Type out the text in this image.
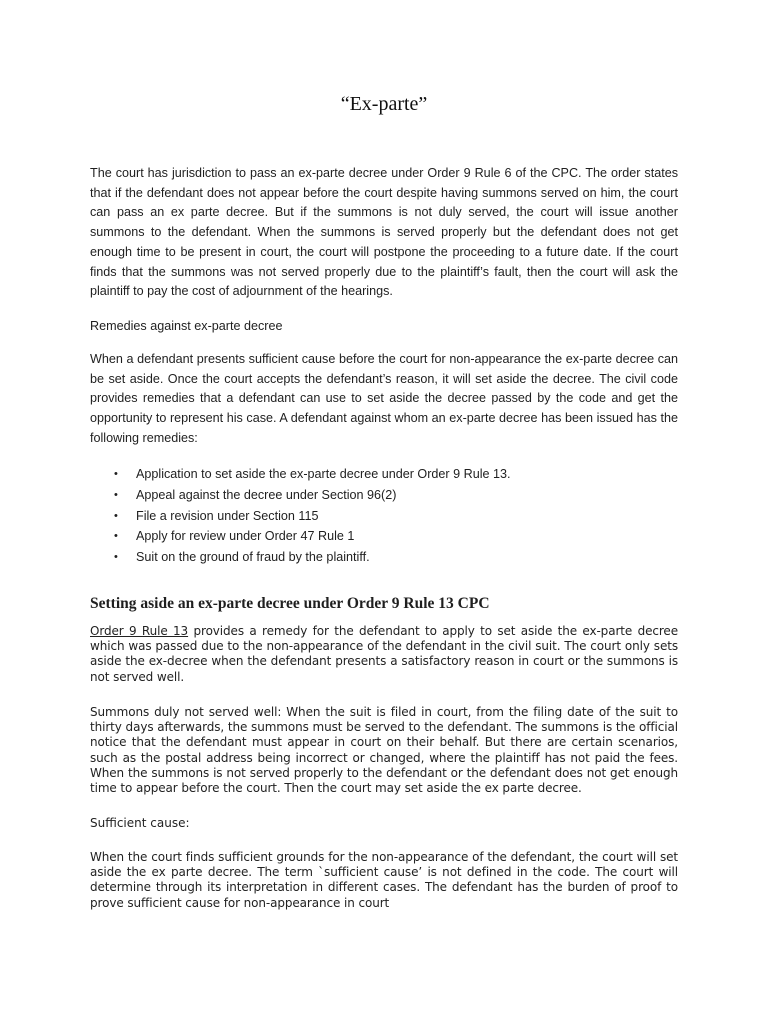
“Ex-parte”

The court has jurisdiction to pass an ex-parte decree under Order 9 Rule 6 of the CPC. The order states that if the defendant does not appear before the court despite having summons served on him, the court can pass an ex parte decree. But if the summons is not duly served, the court will issue another summons to the defendant. When the summons is served properly but the defendant does not get enough time to be present in court, the court will postpone the proceeding to a future date. If the court finds that the summons was not served properly due to the plaintiff’s fault, then the court will ask the plaintiff to pay the cost of adjournment of the hearings.

Remedies against ex-parte decree

When a defendant presents sufficient cause before the court for non-appearance the ex-parte decree can be set aside. Once the court accepts the defendant’s reason, it will set aside the decree. The civil code provides remedies that a defendant can use to set aside the decree passed by the code and get the opportunity to represent his case. A defendant against whom an ex-parte decree has been issued has the following remedies:

• Application to set aside the ex-parte decree under Order 9 Rule 13.
• Appeal against the decree under Section 96(2)
• File a revision under Section 115
• Apply for review under Order 47 Rule 1
• Suit on the ground of fraud by the plaintiff.
Setting aside an ex-parte decree under Order 9 Rule 13 CPC

Order 9 Rule 13 provides a remedy for the defendant to apply to set aside the ex-parte decree which was passed due to the non-appearance of the defendant in the civil suit. The court only sets aside the ex-decree when the defendant presents a satisfactory reason in court or the summons is not served well.

Summons duly not served well: When the suit is filed in court, from the filing date of the suit to thirty days afterwards, the summons must be served to the defendant. The summons is the official notice that the defendant must appear in court on their behalf. But there are certain scenarios, such as the postal address being incorrect or changed, where the plaintiff has not paid the fees. When the summons is not served properly to the defendant or the defendant does not get enough time to appear before the court. Then the court may set aside the ex parte decree.

Sufficient cause:

When the court finds sufficient grounds for the non-appearance of the defendant, the court will set aside the ex parte decree. The term `sufficient cause’ is not defined in the code. The court will determine through its interpretation in different cases. The defendant has the burden of proof to prove sufficient cause for non-appearance in court
